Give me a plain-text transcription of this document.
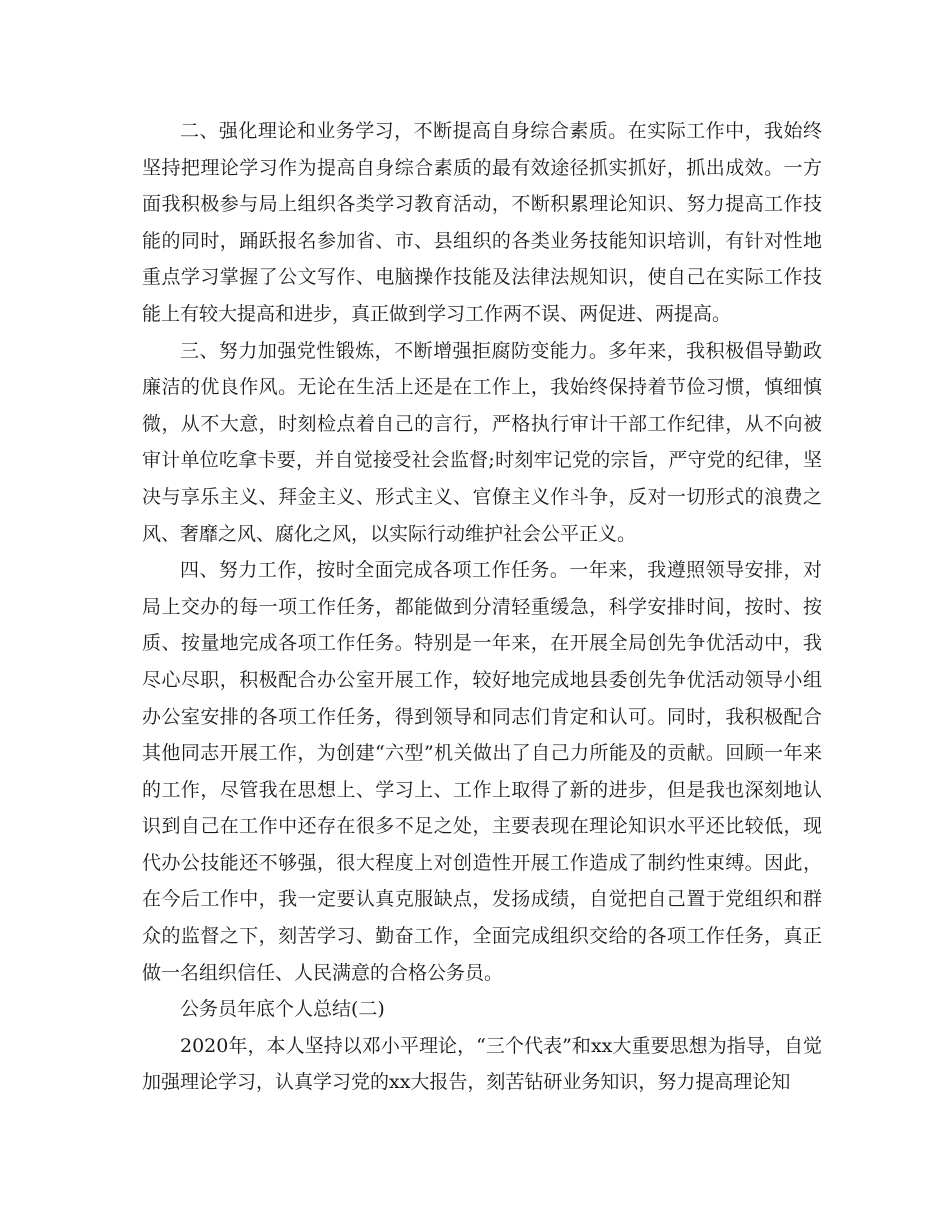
二、强化理论和业务学习，不断提高自身综合素质。在实际工作中，我始终坚持把理论学习作为提高自身综合素质的最有效途径抓实抓好，抓出成效。一方面我积极参与局上组织各类学习教育活动，不断积累理论知识、努力提高工作技能的同时，踊跃报名参加省、市、县组织的各类业务技能知识培训，有针对性地重点学习掌握了公文写作、电脑操作技能及法律法规知识，使自己在实际工作技能上有较大提高和进步，真正做到学习工作两不误、两促进、两提高。

三、努力加强党性锻炼，不断增强拒腐防变能力。多年来，我积极倡导勤政廉洁的优良作风。无论在生活上还是在工作上，我始终保持着节俭习惯，慎细慎微，从不大意，时刻检点着自己的言行，严格执行审计干部工作纪律，从不向被审计单位吃拿卡要，并自觉接受社会监督;时刻牢记党的宗旨，严守党的纪律，坚决与享乐主义、拜金主义、形式主义、官僚主义作斗争，反对一切形式的浪费之风、奢靡之风、腐化之风，以实际行动维护社会公平正义。

四、努力工作，按时全面完成各项工作任务。一年来，我遵照领导安排，对局上交办的每一项工作任务，都能做到分清轻重缓急，科学安排时间，按时、按质、按量地完成各项工作任务。特别是一年来，在开展全局创先争优活动中，我尽心尽职，积极配合办公室开展工作，较好地完成地县委创先争优活动领导小组办公室安排的各项工作任务，得到领导和同志们肯定和认可。同时，我积极配合其他同志开展工作，为创建“六型”机关做出了自己力所能及的贡献。回顾一年来的工作，尽管我在思想上、学习上、工作上取得了新的进步，但是我也深刻地认识到自己在工作中还存在很多不足之处，主要表现在理论知识水平还比较低，现代办公技能还不够强，很大程度上对创造性开展工作造成了制约性束缚。因此，在今后工作中，我一定要认真克服缺点，发扬成绩，自觉把自己置于党组织和群众的监督之下，刻苦学习、勤奋工作，全面完成组织交给的各项工作任务，真正做一名组织信任、人民满意的合格公务员。

公务员年底个人总结(二)

2020年，本人坚持以邓小平理论，“三个代表”和xx大重要思想为指导，自觉加强理论学习，认真学习党的xx大报告，刻苦钻研业务知识，努力提高理论知
